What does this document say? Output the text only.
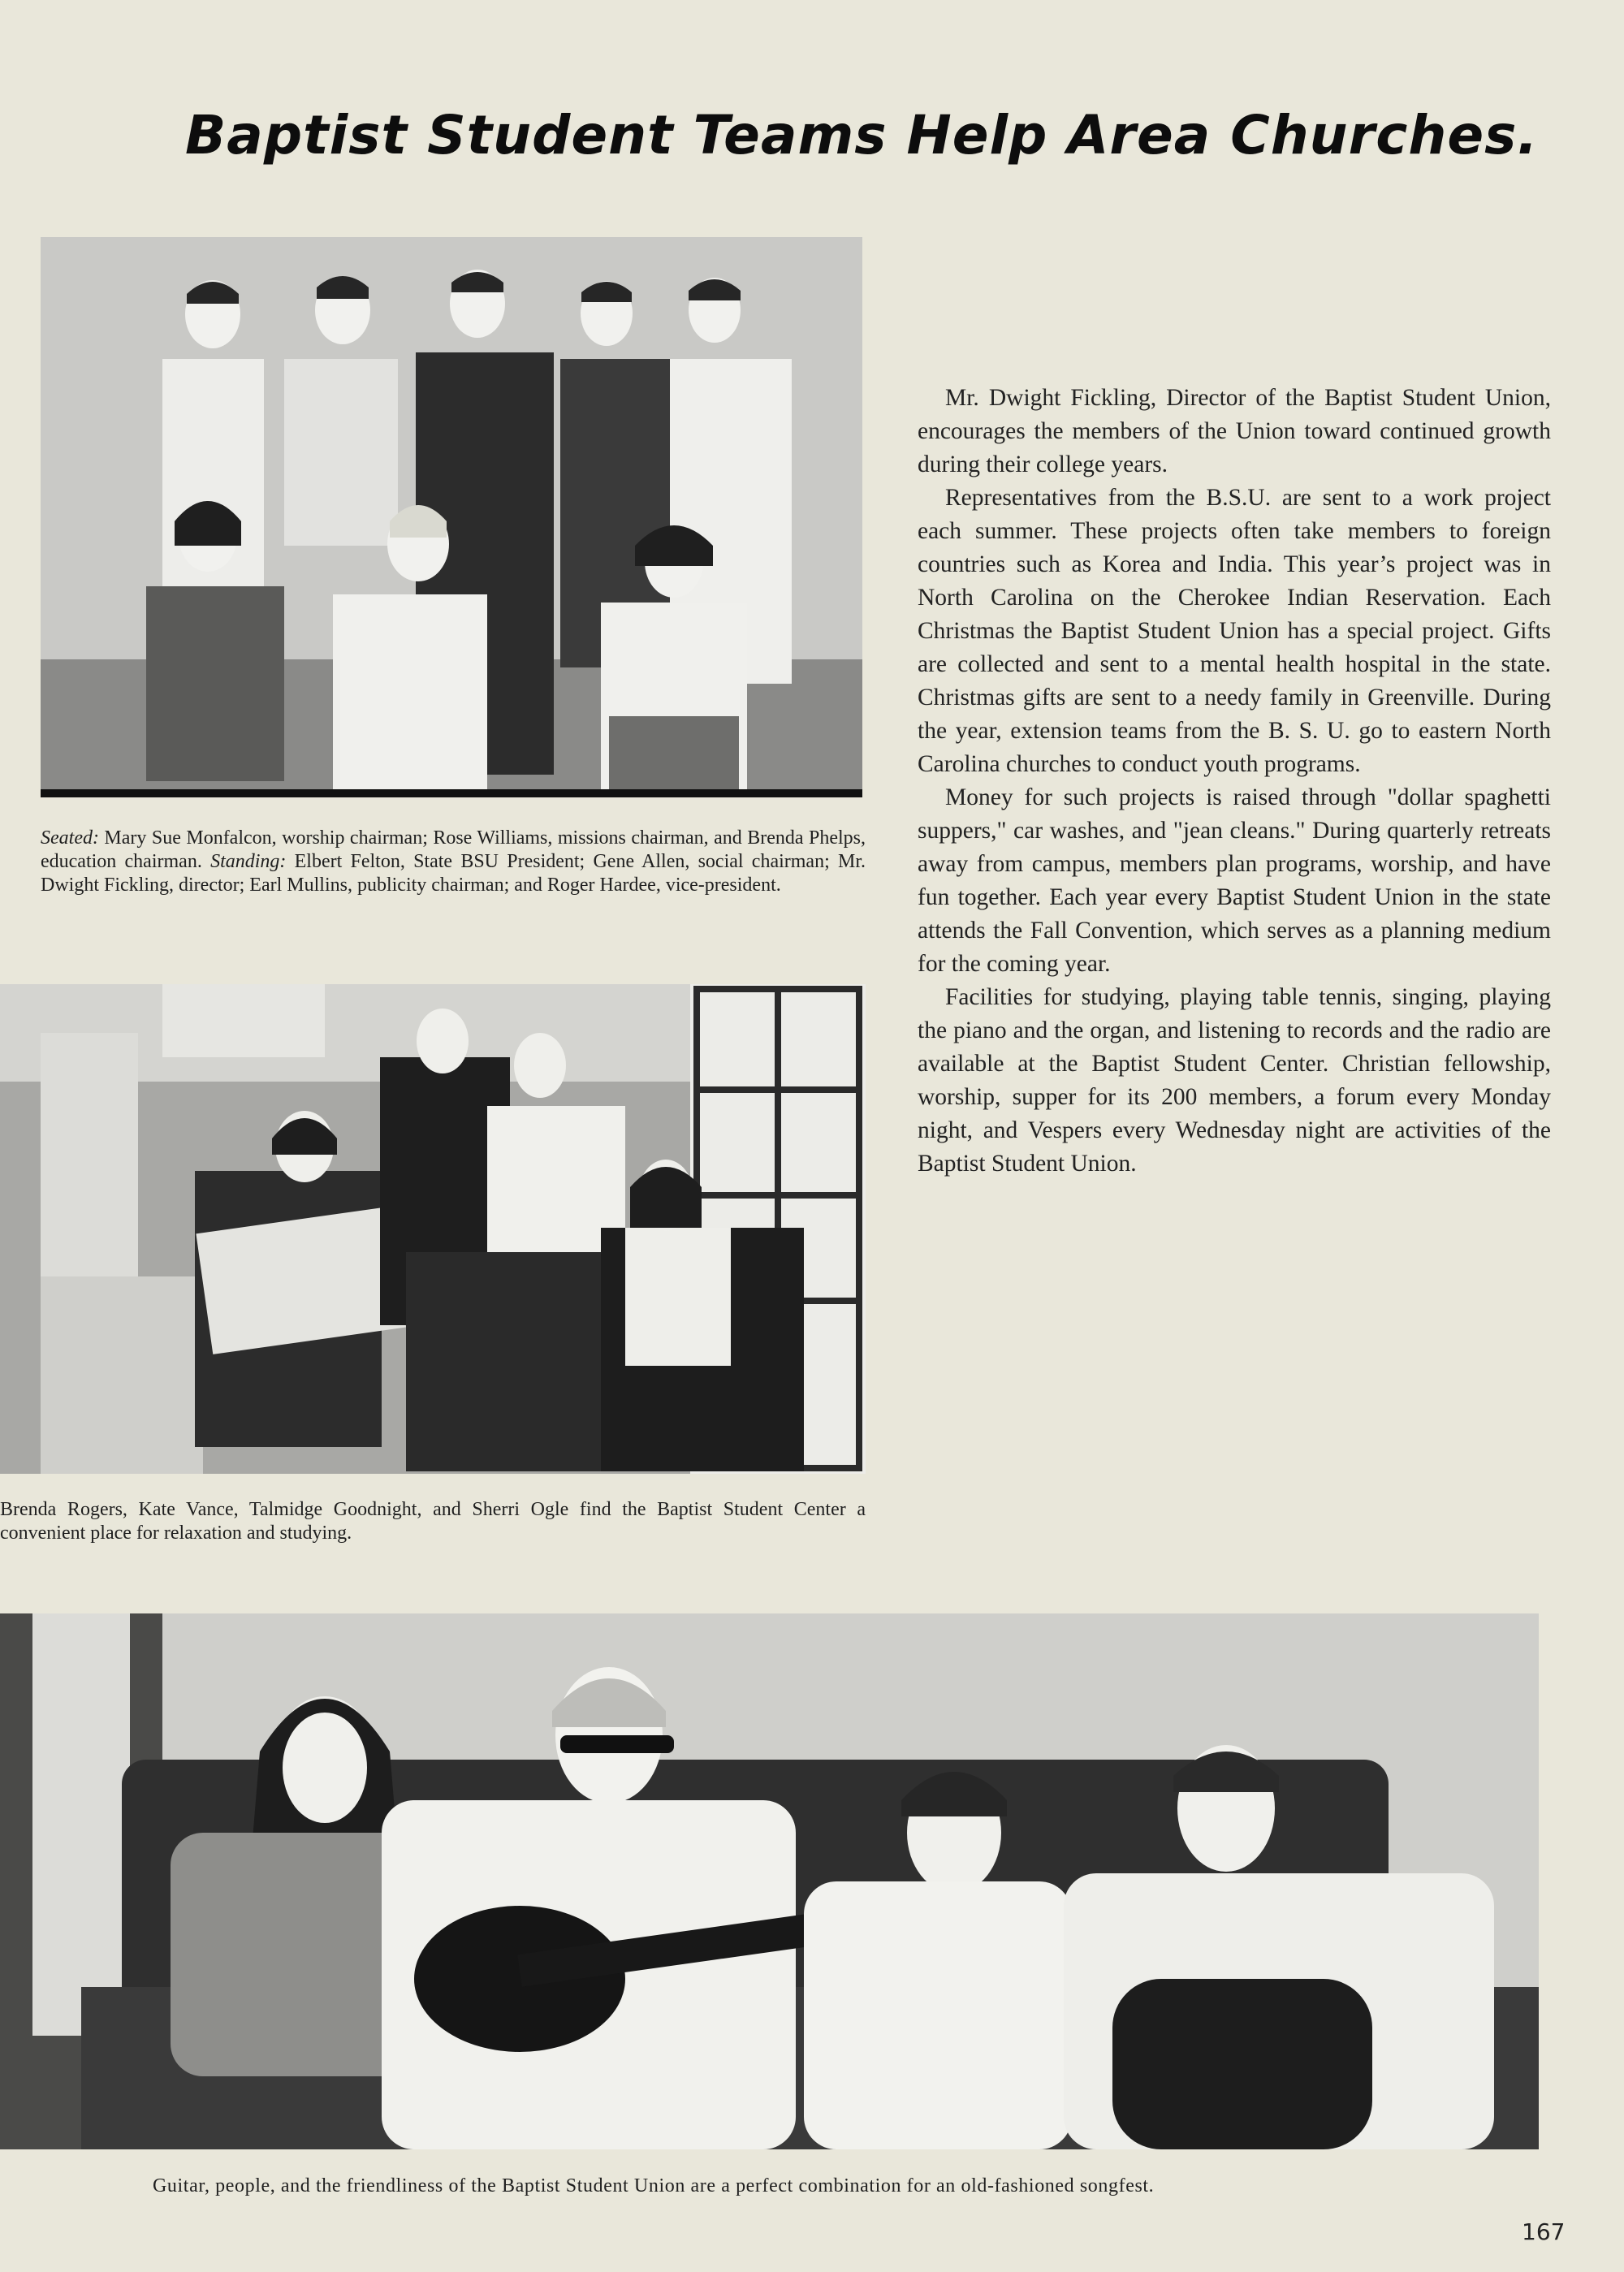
Baptist Student Teams Help Area Churches.
Seated: Mary Sue Monfalcon, worship chairman; Rose Williams, missions chairman, and Brenda Phelps, education chairman. Standing: Elbert Felton, State BSU President; Gene Allen, social chairman; Mr. Dwight Fickling, director; Earl Mullins, publicity chairman; and Roger Hardee, vice-president.
Brenda Rogers, Kate Vance, Talmidge Goodnight, and Sherri Ogle find the Baptist Student Center a convenient place for relaxation and studying.
Guitar, people, and the friendliness of the Baptist Student Union are a perfect combination for an old-fashioned songfest.

Mr. Dwight Fickling, Director of the Baptist Student Union, encourages the members of the Union toward continued growth during their college years.

Representatives from the B.S.U. are sent to a work project each summer. These projects often take members to foreign countries such as Korea and India. This year’s project was in North Carolina on the Cherokee Indian Reservation. Each Christmas the Baptist Student Union has a special project. Gifts are collected and sent to a mental health hospital in the state. Christmas gifts are sent to a needy family in Greenville. During the year, extension teams from the B. S. U. go to eastern North Carolina churches to conduct youth programs.

Money for such projects is raised through "dollar spaghetti suppers," car washes, and "jean cleans." During quarterly retreats away from campus, members plan programs, worship, and have fun together. Each year every Baptist Student Union in the state attends the Fall Convention, which serves as a planning medium for the coming year.

Facilities for studying, playing table tennis, singing, playing the piano and the organ, and listening to records and the radio are available at the Baptist Student Center. Christian fellowship, worship, supper for its 200 members, a forum every Monday night, and Vespers every Wednesday night are activities of the Baptist Student Union.

167
